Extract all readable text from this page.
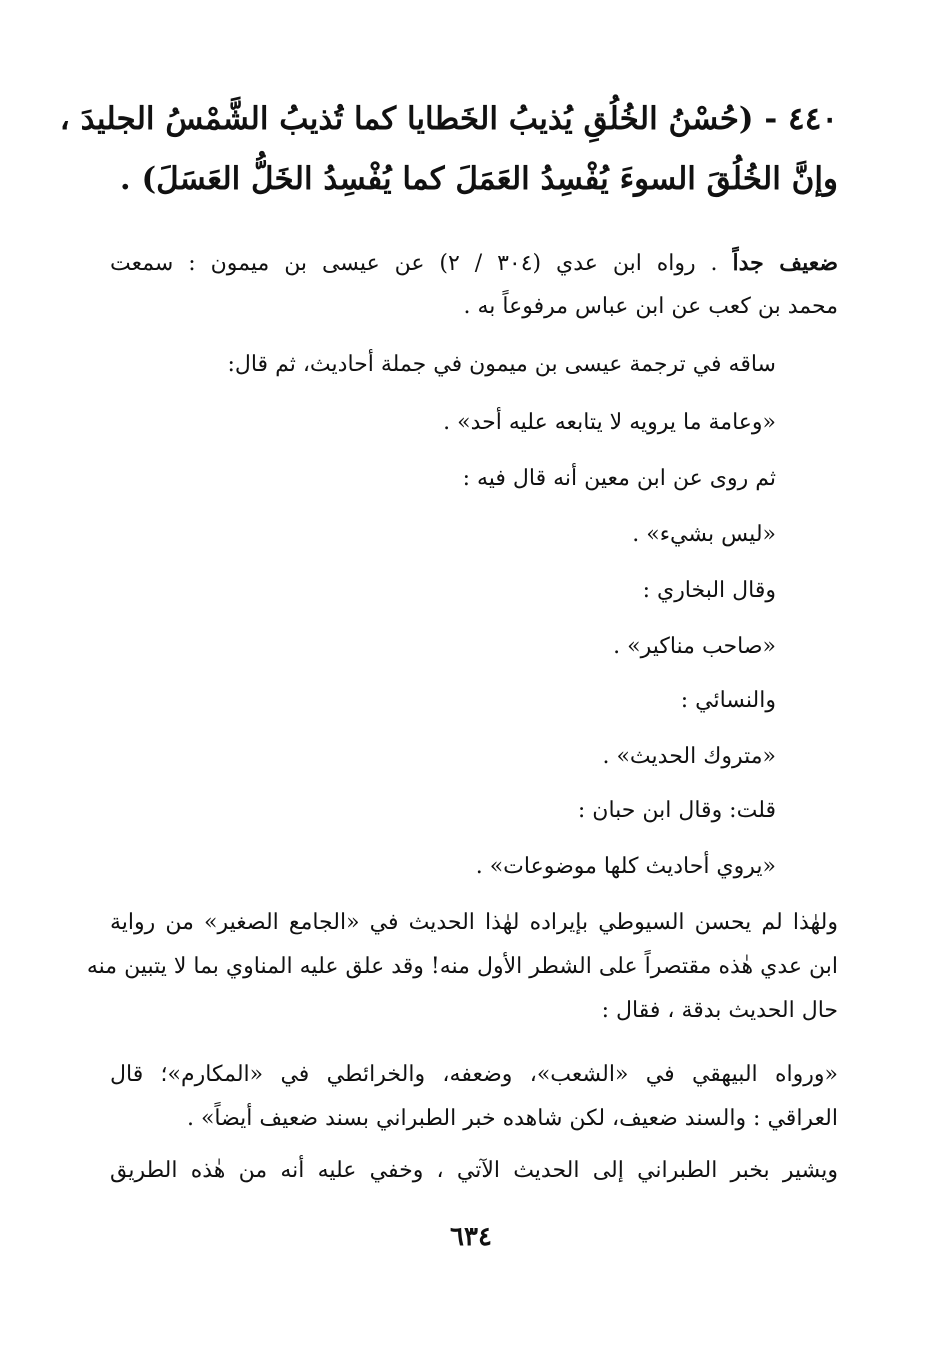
٤٤٠ - (حُسْنُ الخُلُقِ يُذيبُ الخَطايا كما تُذيبُ الشَّمْسُ الجليدَ ،
وإنَّ الخُلُقَ السوءَ يُفْسِدُ العَمَلَ كما يُفْسِدُ الخَلُّ العَسَلَ) .
ضعيف جداً . رواه ابن عدي (٣٠٤ / ٢) عن عيسى بن ميمون : سمعت
محمد بن كعب عن ابن عباس مرفوعاً به .
ساقه في ترجمة عيسى بن ميمون في جملة أحاديث، ثم قال:
«وعامة ما يرويه لا يتابعه عليه أحد» .
ثم روى عن ابن معين أنه قال فيه :
«ليس بشيء» .
وقال البخاري :
«صاحب مناكير» .
والنسائي :
«متروك الحديث» .
قلت: وقال ابن حبان :
«يروي أحاديث كلها موضوعات» .
ولهٰذا لم يحسن السيوطي بإيراده لهٰذا الحديث في «الجامع الصغير» من رواية
ابن عدي هٰذه مقتصراً على الشطر الأول منه! وقد علق عليه المناوي بما لا يتبين منه
حال الحديث بدقة ، فقال :
«ورواه البيهقي في «الشعب»، وضعفه، والخرائطي في «المكارم»؛ قال
العراقي : والسند ضعيف، لكن شاهده خبر الطبراني بسند ضعيف أيضاً» .
ويشير بخبر الطبراني إلى الحديث الآتي ، وخفي عليه أنه من هٰذه الطريق
٦٣٤
